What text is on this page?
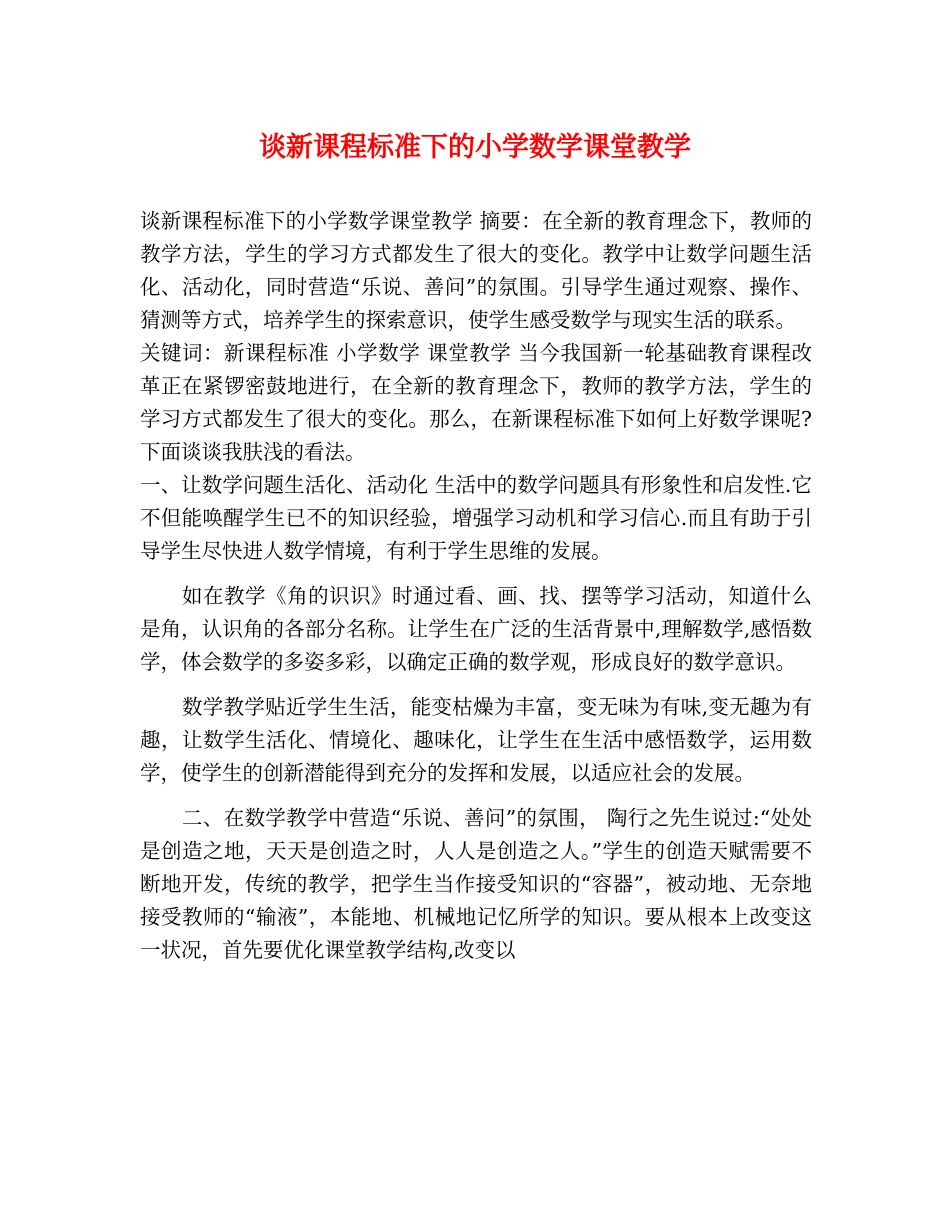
谈新课程标准下的小学数学课堂教学

谈新课程标准下的小学数学课堂教学 摘要：在全新的教育理念下，教师的教学方法，学生的学习方式都发生了很大的变化。教学中让数学问题生活化、活动化，同时营造“乐说、善问”的氛围。引导学生通过观察、操作、猜测等方式，培养学生的探索意识，使学生感受数学与现实生活的联系。

关键词：新课程标准 小学数学 课堂教学 当今我国新一轮基础教育课程改革正在紧锣密鼓地进行，在全新的教育理念下，教师的教学方法，学生的学习方式都发生了很大的变化。那么，在新课程标准下如何上好数学课呢?下面谈谈我肤浅的看法。

一、让数学问题生活化、活动化 生活中的数学问题具有形象性和启发性.它不但能唤醒学生已不的知识经验，增强学习动机和学习信心.而且有助于引导学生尽快进人数学情境，有利于学生思维的发展。

如在教学《角的识识》时通过看、画、找、摆等学习活动，知道什么是角，认识角的各部分名称。让学生在广泛的生活背景中,理解数学,感悟数学，体会数学的多姿多彩，以确定正确的数学观，形成良好的数学意识。

数学教学贴近学生生活，能变枯燥为丰富，变无味为有味,变无趣为有趣，让数学生活化、情境化、趣味化，让学生在生活中感悟数学，运用数学，使学生的创新潜能得到充分的发挥和发展，以适应社会的发展。

二、在数学教学中营造“乐说、善问”的氛围， 陶行之先生说过:“处处是创造之地，天天是创造之时，人人是创造之人。”学生的创造天赋需要不断地开发，传统的教学，把学生当作接受知识的“容器”，被动地、无奈地接受教师的“输液”，本能地、机械地记忆所学的知识。要从根本上改变这一状况，首先要优化课堂教学结构,改变以
